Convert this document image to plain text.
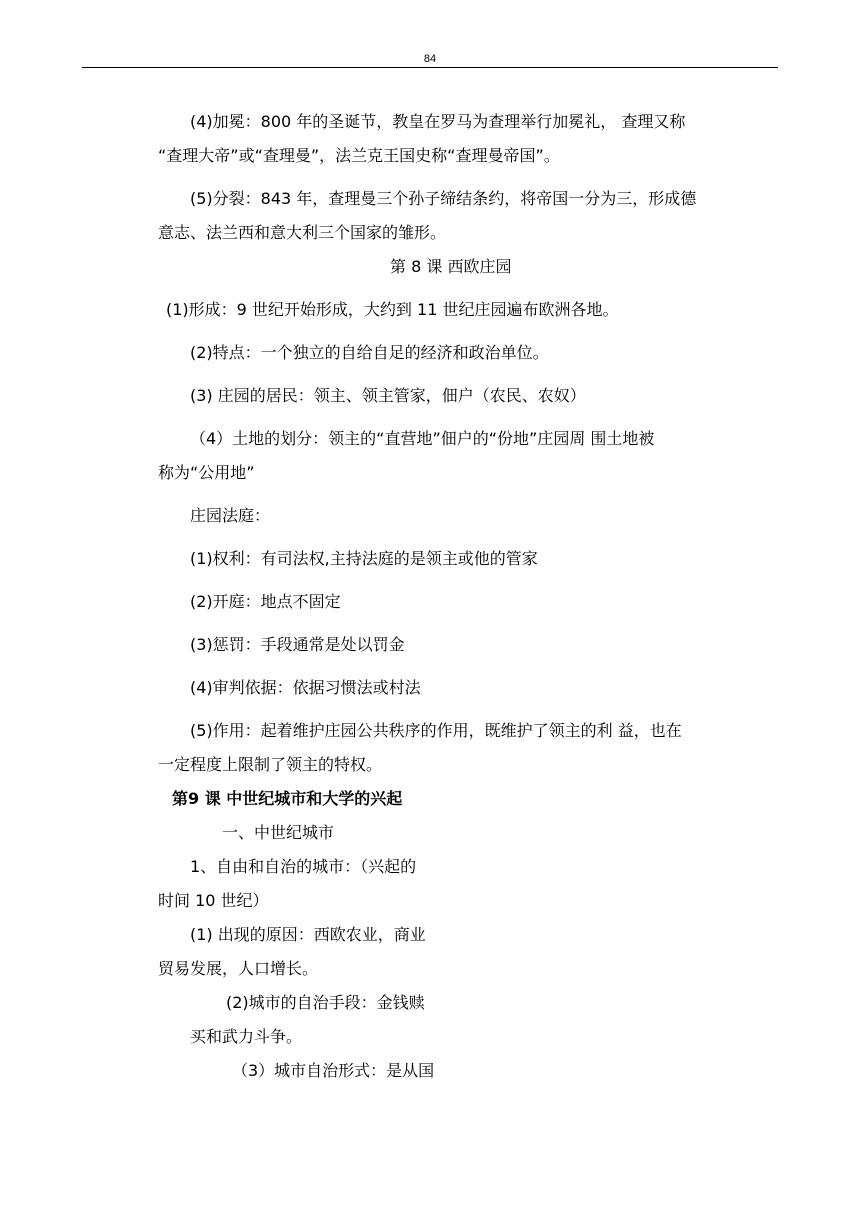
84
(4)加冕：800 年的圣诞节，教皇在罗马为查理举行加冕礼， 查理又称
“查理大帝”或“查理曼”，法兰克王国史称“查理曼帝国”。
(5)分裂：843 年，查理曼三个孙子缔结条约，将帝国一分为三，形成德
意志、法兰西和意大利三个国家的雏形。
第 8 课 西欧庄园
(1)形成：9 世纪开始形成，大约到 11 世纪庄园遍布欧洲各地。
(2)特点：一个独立的自给自足的经济和政治单位。
(3) 庄园的居民：领主、领主管家，佃户（农民、农奴）
（4）土地的划分：领主的“直营地”佃户的“份地”庄园周 围土地被
称为“公用地”
庄园法庭：
(1)权利：有司法权,主持法庭的是领主或他的管家
(2)开庭：地点不固定
(3)惩罚：手段通常是处以罚金
(4)审判依据：依据习惯法或村法
(5)作用：起着维护庄园公共秩序的作用，既维护了领主的利 益，也在
一定程度上限制了领主的特权。
第9 课 中世纪城市和大学的兴起
一、中世纪城市
1、自由和自治的城市：（兴起的
时间 10 世纪）
(1) 出现的原因：西欧农业，商业
贸易发展，人口增长。
(2)城市的自治手段：金钱赎
买和武力斗争。
（3）城市自治形式：是从国
